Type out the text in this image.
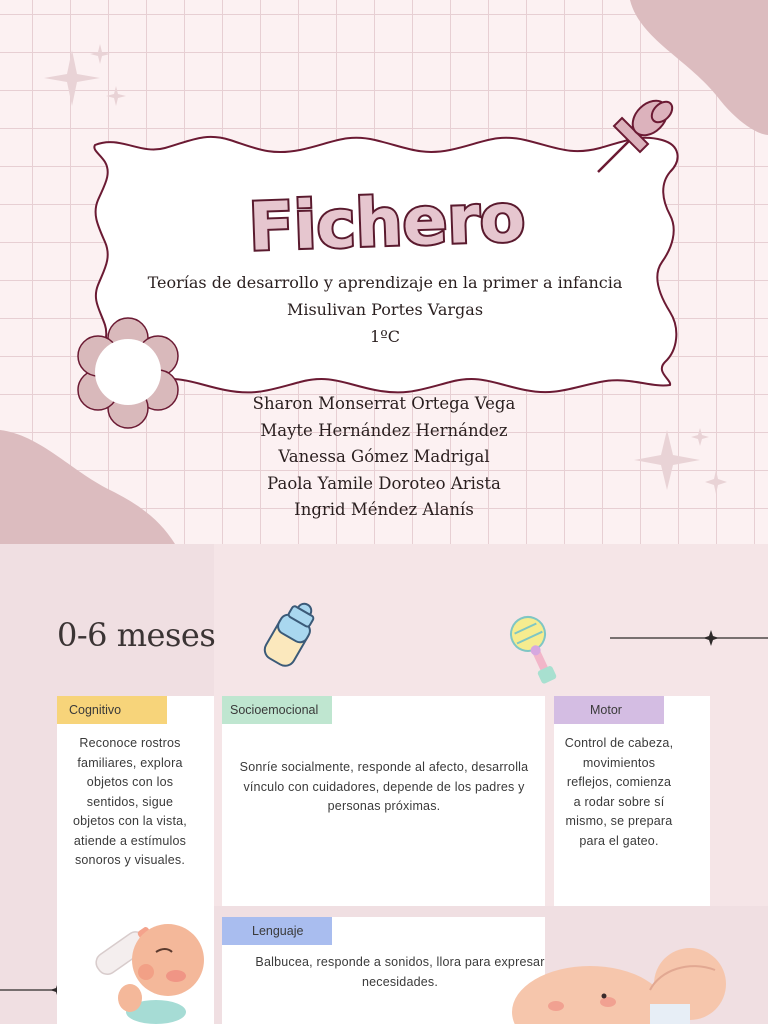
Fichero
Teorías de desarrollo y aprendizaje en la primer a infancia
Misulivan Portes Vargas
1ºC
Sharon Monserrat Ortega Vega
Mayte Hernández Hernández
Vanessa Gómez Madrigal
Paola Yamile Doroteo Arista
Ingrid Méndez Alanís
0-6 meses
Cognitivo
Reconoce rostros familiares, explora objetos con los sentidos, sigue objetos con la vista, atiende a estímulos sonoros y visuales.
Socioemocional
Sonríe socialmente, responde al afecto, desarrolla vínculo con cuidadores, depende de los padres y personas próximas.
Motor
Control de cabeza, movimientos reflejos, comienza a rodar sobre sí mismo, se prepara para el gateo.
Lenguaje
Balbucea, responde a sonidos, llora para expresar necesidades.
